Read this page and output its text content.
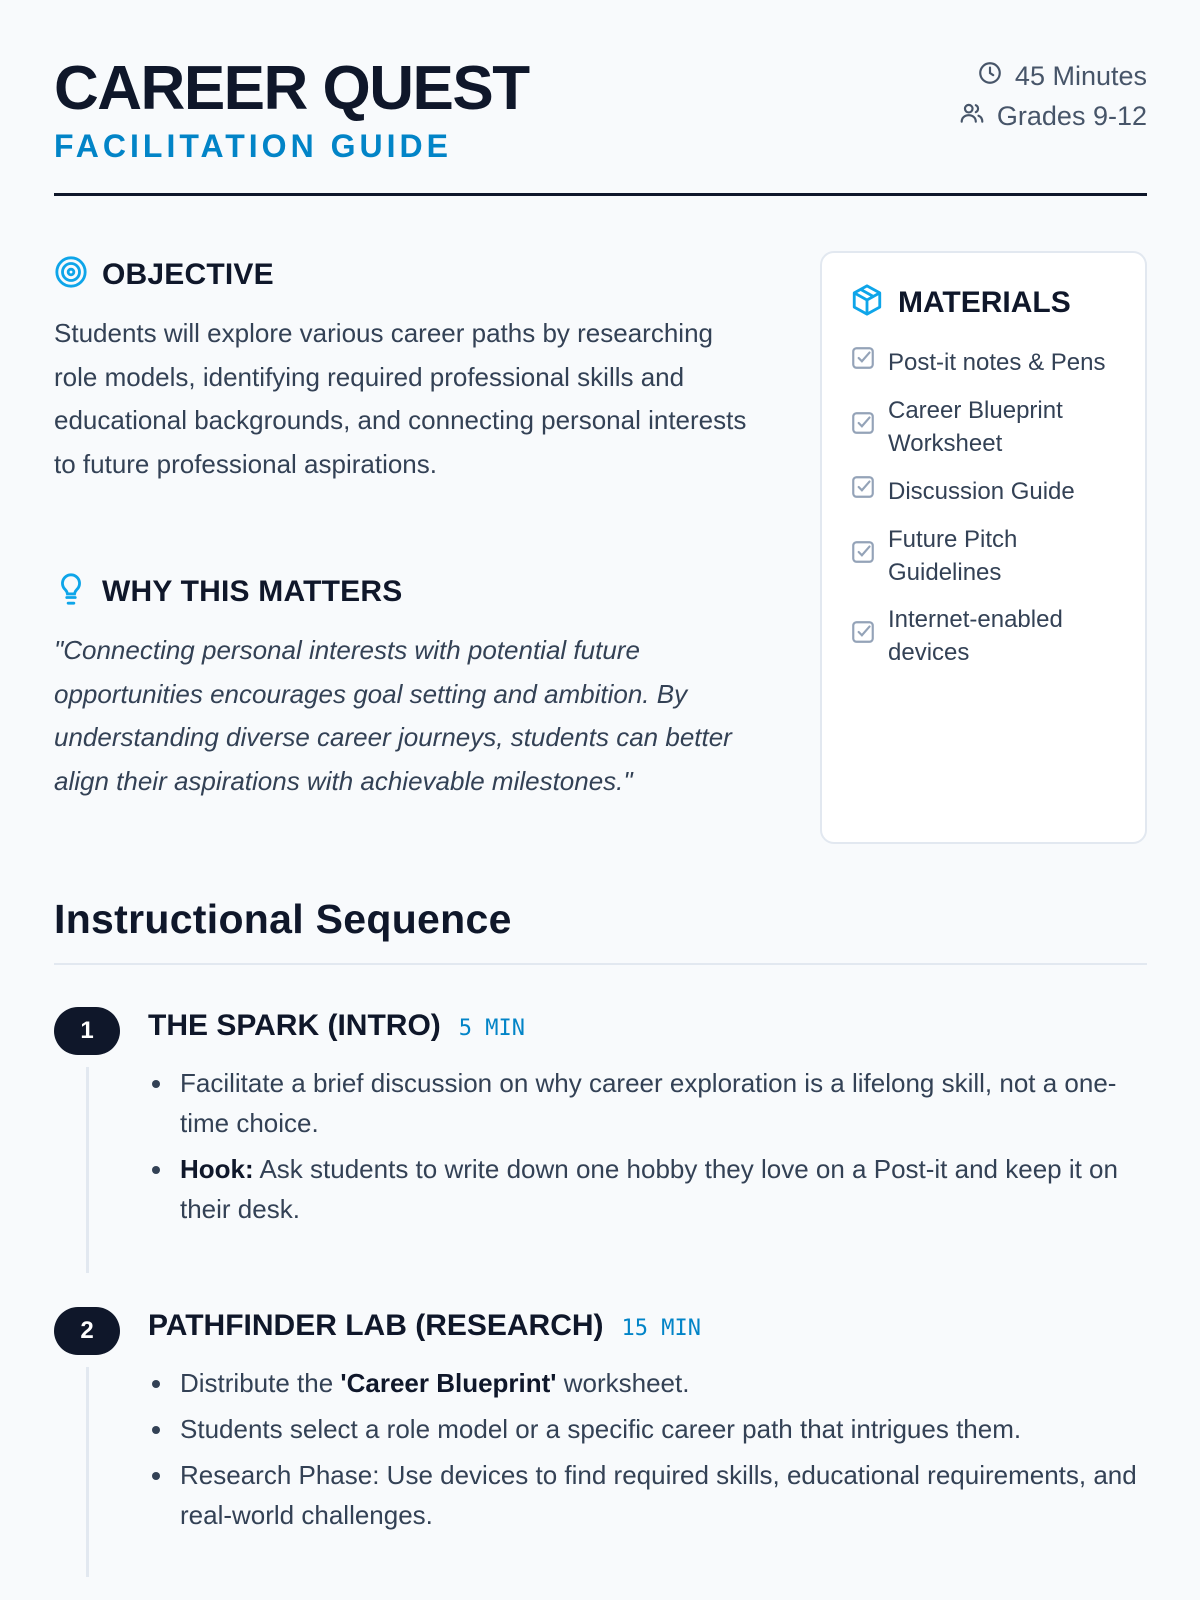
CAREER QUEST
FACILITATION GUIDE
45 Minutes
Grades 9-12
OBJECTIVE
Students will explore various career paths by researching role models, identifying required professional skills and educational backgrounds, and connecting personal interests to future professional aspirations.
WHY THIS MATTERS
"Connecting personal interests with potential future opportunities encourages goal setting and ambition. By understanding diverse career journeys, students can better align their aspirations with achievable milestones."
MATERIALS
Post-it notes & Pens
Career Blueprint Worksheet
Discussion Guide
Future Pitch Guidelines
Internet-enabled devices
Instructional Sequence
1	THE SPARK (INTRO) 5 MIN
Facilitate a brief discussion on why career exploration is a lifelong skill, not a one-time choice.
Hook: Ask students to write down one hobby they love on a Post-it and keep it on their desk.
2	PATHFINDER LAB (RESEARCH) 15 MIN
Distribute the 'Career Blueprint' worksheet.
Students select a role model or a specific career path that intrigues them.
Research Phase: Use devices to find required skills, educational requirements, and real-world challenges.
